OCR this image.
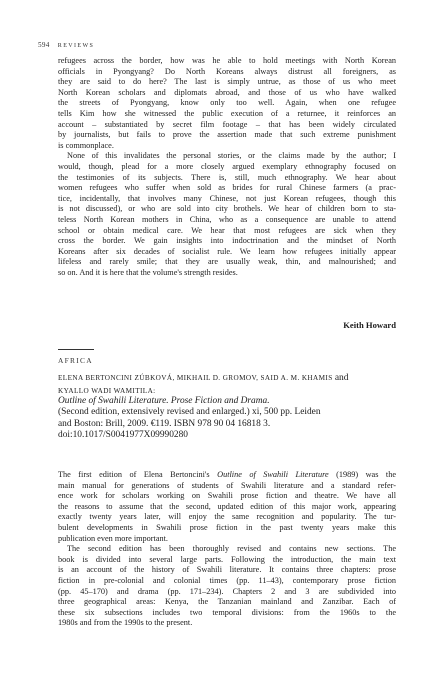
594 REVIEWS
refugees across the border, how was he able to hold meetings with North Korean
officials in Pyongyang? Do North Koreans always distrust all foreigners, as
they are said to do here? The last is simply untrue, as those of us who meet
North Korean scholars and diplomats abroad, and those of us who have walked
the streets of Pyongyang, know only too well. Again, when one refugee
tells Kim how she witnessed the public execution of a returnee, it reinforces an
account – substantiated by secret film footage – that has been widely circulated
by journalists, but fails to prove the assertion made that such extreme punishment
is commonplace.
None of this invalidates the personal stories, or the claims made by the author; I
would, though, plead for a more closely argued exemplary ethnography focused on
the testimonies of its subjects. There is, still, much ethnography. We hear about
women refugees who suffer when sold as brides for rural Chinese farmers (a prac-
tice, incidentally, that involves many Chinese, not just Korean refugees, though this
is not discussed), or who are sold into city brothels. We hear of children born to sta-
teless North Korean mothers in China, who as a consequence are unable to attend
school or obtain medical care. We hear that most refugees are sick when they
cross the border. We gain insights into indoctrination and the mindset of North
Koreans after six decades of socialist rule. We learn how refugees initially appear
lifeless and rarely smile; that they are usually weak, thin, and malnourished; and
so on. And it is here that the volume's strength resides.
Keith Howard
AFRICA
ELENA BERTONCINI ZÚBKOVÁ, MIKHAIL D. GROMOV, SAID A. M. KHAMIS and
KYALLO WADI WAMITILA:
Outline of Swahili Literature. Prose Fiction and Drama.
(Second edition, extensively revised and enlarged.) xi, 500 pp. Leiden
and Boston: Brill, 2009. €119. ISBN 978 90 04 16818 3.
doi:10.1017/S0041977X09990280
The first edition of Elena Bertoncini's Outline of Swahili Literature (1989) was the
main manual for generations of students of Swahili literature and a standard refer-
ence work for scholars working on Swahili prose fiction and theatre. We have all
the reasons to assume that the second, updated edition of this major work, appearing
exactly twenty years later, will enjoy the same recognition and popularity. The tur-
bulent developments in Swahili prose fiction in the past twenty years make this
publication even more important.
The second edition has been thoroughly revised and contains new sections. The
book is divided into several large parts. Following the introduction, the main text
is an account of the history of Swahili literature. It contains three chapters: prose
fiction in pre-colonial and colonial times (pp. 11–43), contemporary prose fiction
(pp. 45–170) and drama (pp. 171–234). Chapters 2 and 3 are subdivided into
three geographical areas: Kenya, the Tanzanian mainland and Zanzibar. Each of
these six subsections includes two temporal divisions: from the 1960s to the
1980s and from the 1990s to the present.
